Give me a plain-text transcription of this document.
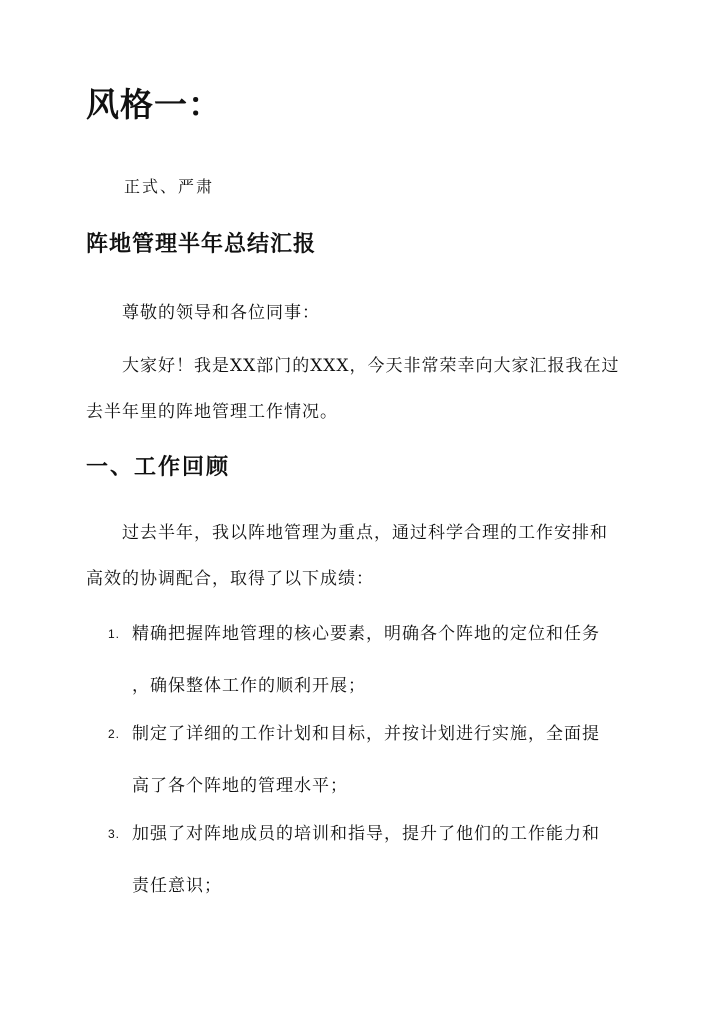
风格一：
正式、严肃
阵地管理半年总结汇报
尊敬的领导和各位同事：
大家好！我是XX部门的XXX，今天非常荣幸向大家汇报我在过
去半年里的阵地管理工作情况。
一、工作回顾
过去半年，我以阵地管理为重点，通过科学合理的工作安排和
高效的协调配合，取得了以下成绩：
1. 精确把握阵地管理的核心要素，明确各个阵地的定位和任务
，确保整体工作的顺利开展；
2. 制定了详细的工作计划和目标，并按计划进行实施，全面提
高了各个阵地的管理水平；
3. 加强了对阵地成员的培训和指导，提升了他们的工作能力和
责任意识；
